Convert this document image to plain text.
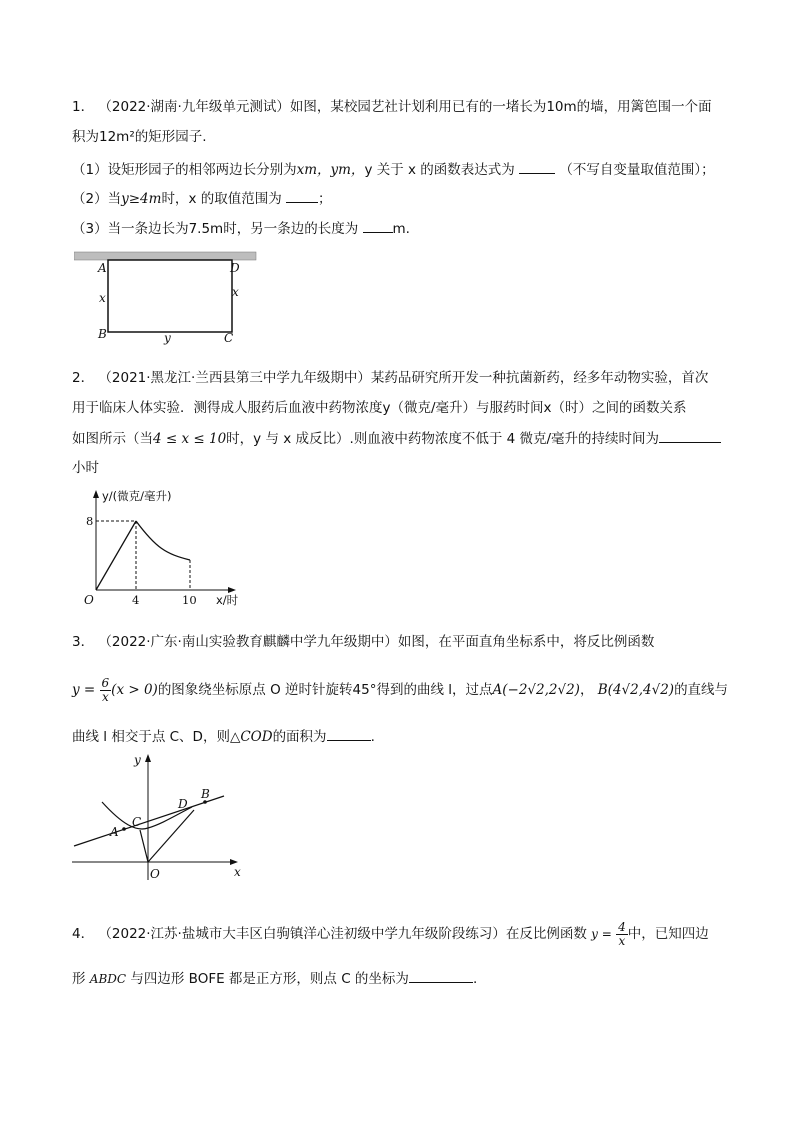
1． （2022·湖南·九年级单元测试）如图，某校园艺社计划利用已有的一堵长为10m的墙，用篱笆围一个面
积为12m²的矩形园子.
（1）设矩形园子的相邻两边长分别为xm，ym，y 关于 x 的函数表达式为	（不写自变量取值范围）；
（2）当y≥4m时，x 的取值范围为	；
（3）当一条边长为7.5m时，另一条边的长度为	m.
A	D
x	x
B	C
y
2． （2021·黑龙江·兰西县第三中学九年级期中）某药品研究所开发一种抗菌新药，经多年动物实验，首次
用于临床人体实验．测得成人服药后血液中药物浓度y（微克/毫升）与服药时间x（时）之间的函数关系
如图所示（当4 ≤ x ≤ 10时，y 与 x 成反比）.则血液中药物浓度不低于 4 微克/毫升的持续时间为
小时
y/(微克/毫升)
8
O	4	10 x/时
3． （2022·广东·南山实验教育麒麟中学九年级期中）如图，在平面直角坐标系中，将反比例函数
$y = \frac{6}{x} (x > 0)$的图象绕坐标原点 O 逆时针旋转45°得到的曲线 l，过点A(−2√2,2√2)， B(4√2,4√2)的直线与
曲线 l 相交于点 C、D，则△COD的面积为	.
y
x
O
A
C
D
B
4． （2022·江苏·盐城市大丰区白驹镇洋心洼初级中学九年级阶段练习）在反比例函数 $y = \frac{4}{x}$ 中，已知四边
形 ABDC 与四边形 BOFE 都是正方形，则点 C 的坐标为	.
